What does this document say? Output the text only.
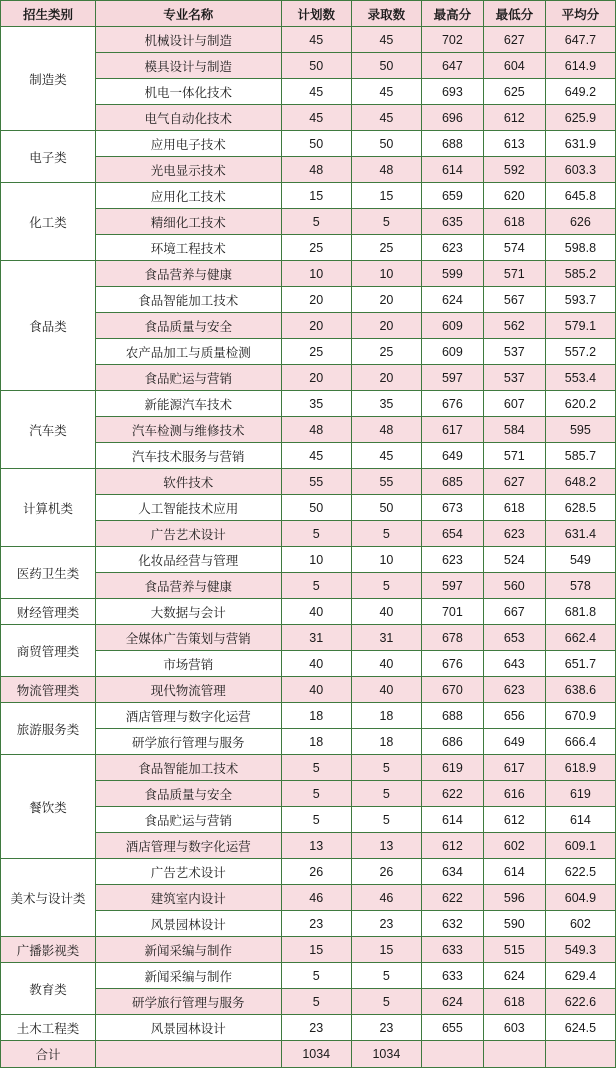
招生类别	专业名称	计划数	录取数	最高分	最低分	平均分
制造类	机械设计与制造	45	45	702	627	647.7
	模具设计与制造	50	50	647	604	614.9
	机电一体化技术	45	45	693	625	649.2
	电气自动化技术	45	45	696	612	625.9
电子类	应用电子技术	50	50	688	613	631.9
	光电显示技术	48	48	614	592	603.3
化工类	应用化工技术	15	15	659	620	645.8
	精细化工技术	5	5	635	618	626
	环境工程技术	25	25	623	574	598.8
食品类	食品营养与健康	10	10	599	571	585.2
	食品智能加工技术	20	20	624	567	593.7
	食品质量与安全	20	20	609	562	579.1
	农产品加工与质量检测	25	25	609	537	557.2
	食品贮运与营销	20	20	597	537	553.4
汽车类	新能源汽车技术	35	35	676	607	620.2
	汽车检测与维修技术	48	48	617	584	595
	汽车技术服务与营销	45	45	649	571	585.7
计算机类	软件技术	55	55	685	627	648.2
	人工智能技术应用	50	50	673	618	628.5
	广告艺术设计	5	5	654	623	631.4
医药卫生类	化妆品经营与管理	10	10	623	524	549
	食品营养与健康	5	5	597	560	578
财经管理类	大数据与会计	40	40	701	667	681.8
商贸管理类	全媒体广告策划与营销	31	31	678	653	662.4
	市场营销	40	40	676	643	651.7
物流管理类	现代物流管理	40	40	670	623	638.6
旅游服务类	酒店管理与数字化运营	18	18	688	656	670.9
	研学旅行管理与服务	18	18	686	649	666.4
餐饮类	食品智能加工技术	5	5	619	617	618.9
	食品质量与安全	5	5	622	616	619
	食品贮运与营销	5	5	614	612	614
	酒店管理与数字化运营	13	13	612	602	609.1
美术与设计类	广告艺术设计	26	26	634	614	622.5
	建筑室内设计	46	46	622	596	604.9
	风景园林设计	23	23	632	590	602
广播影视类	新闻采编与制作	15	15	633	515	549.3
教育类	新闻采编与制作	5	5	633	624	629.4
	研学旅行管理与服务	5	5	624	618	622.6
土木工程类	风景园林设计	23	23	655	603	624.5
合计		1034	1034			
